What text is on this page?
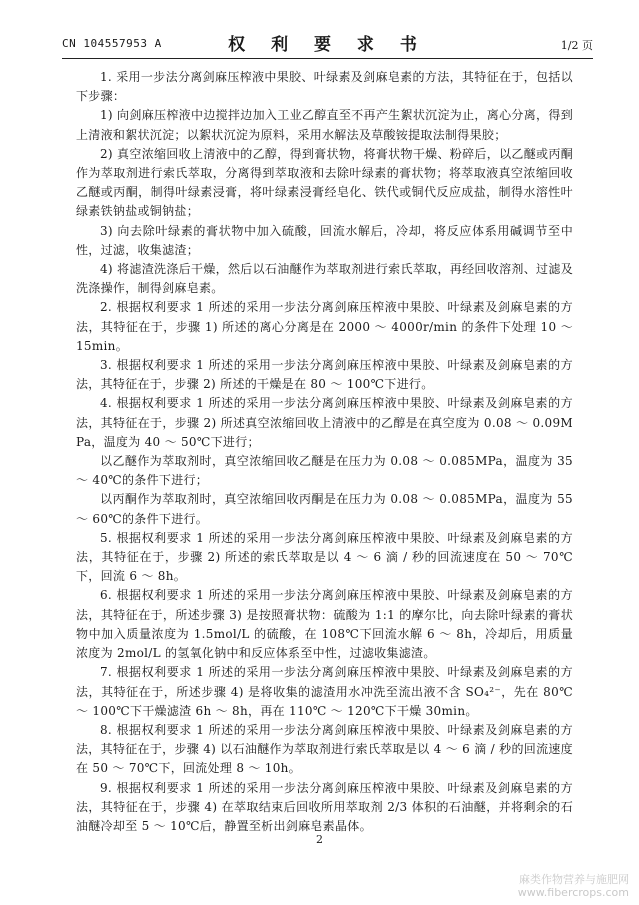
CN 104557953 A	权 利 要 求 书	1/2 页

1. 采用一步法分离剑麻压榨液中果胶、叶绿素及剑麻皂素的方法，其特征在于，包括以下步骤：

1) 向剑麻压榨液中边搅拌边加入工业乙醇直至不再产生絮状沉淀为止，离心分离，得到上清液和絮状沉淀；以絮状沉淀为原料，采用水解法及草酸铵提取法制得果胶；

2) 真空浓缩回收上清液中的乙醇，得到膏状物，将膏状物干燥、粉碎后，以乙醚或丙酮作为萃取剂进行索氏萃取，分离得到萃取液和去除叶绿素的膏状物；将萃取液真空浓缩回收乙醚或丙酮，制得叶绿素浸膏，将叶绿素浸膏经皂化、铁代或铜代反应成盐，制得水溶性叶绿素铁钠盐或铜钠盐；

3) 向去除叶绿素的膏状物中加入硫酸，回流水解后，冷却，将反应体系用碱调节至中性，过滤，收集滤渣；

4) 将滤渣洗涤后干燥，然后以石油醚作为萃取剂进行索氏萃取，再经回收溶剂、过滤及洗涤操作，制得剑麻皂素。

2. 根据权利要求 1 所述的采用一步法分离剑麻压榨液中果胶、叶绿素及剑麻皂素的方法，其特征在于，步骤 1) 所述的离心分离是在 2000 ～ 4000r/min 的条件下处理 10 ～ 15min。

3. 根据权利要求 1 所述的采用一步法分离剑麻压榨液中果胶、叶绿素及剑麻皂素的方法，其特征在于，步骤 2) 所述的干燥是在 80 ～ 100℃下进行。

4. 根据权利要求 1 所述的采用一步法分离剑麻压榨液中果胶、叶绿素及剑麻皂素的方法，其特征在于，步骤 2) 所述真空浓缩回收上清液中的乙醇是在真空度为 0.08 ～ 0.09MPa，温度为 40 ～ 50℃下进行；

以乙醚作为萃取剂时，真空浓缩回收乙醚是在压力为 0.08 ～ 0.085MPa，温度为 35 ～ 40℃的条件下进行；

以丙酮作为萃取剂时，真空浓缩回收丙酮是在压力为 0.08 ～ 0.085MPa，温度为 55 ～ 60℃的条件下进行。

5. 根据权利要求 1 所述的采用一步法分离剑麻压榨液中果胶、叶绿素及剑麻皂素的方法，其特征在于，步骤 2) 所述的索氏萃取是以 4 ～ 6 滴 / 秒的回流速度在 50 ～ 70℃下，回流 6 ～ 8h。

6. 根据权利要求 1 所述的采用一步法分离剑麻压榨液中果胶、叶绿素及剑麻皂素的方法，其特征在于，所述步骤 3) 是按照膏状物：硫酸为 1:1 的摩尔比，向去除叶绿素的膏状物中加入质量浓度为 1.5mol/L 的硫酸，在 108℃下回流水解 6 ～ 8h，冷却后，用质量浓度为 2mol/L 的氢氧化钠中和反应体系至中性，过滤收集滤渣。

7. 根据权利要求 1 所述的采用一步法分离剑麻压榨液中果胶、叶绿素及剑麻皂素的方法，其特征在于，所述步骤 4) 是将收集的滤渣用水冲洗至流出液不含 SO₄²⁻，先在 80℃ ～ 100℃下干燥滤渣 6h ～ 8h，再在 110℃ ～ 120℃下干燥 30min。

8. 根据权利要求 1 所述的采用一步法分离剑麻压榨液中果胶、叶绿素及剑麻皂素的方法，其特征在于，步骤 4) 以石油醚作为萃取剂进行索氏萃取是以 4 ～ 6 滴 / 秒的回流速度在 50 ～ 70℃下，回流处理 8 ～ 10h。

9. 根据权利要求 1 所述的采用一步法分离剑麻压榨液中果胶、叶绿素及剑麻皂素的方法，其特征在于，步骤 4) 在萃取结束后回收所用萃取剂 2/3 体积的石油醚，并将剩余的石油醚冷却至 5 ～ 10℃后，静置至析出剑麻皂素晶体。

2
麻类作物营养与施肥网
www.fibercrops.com
